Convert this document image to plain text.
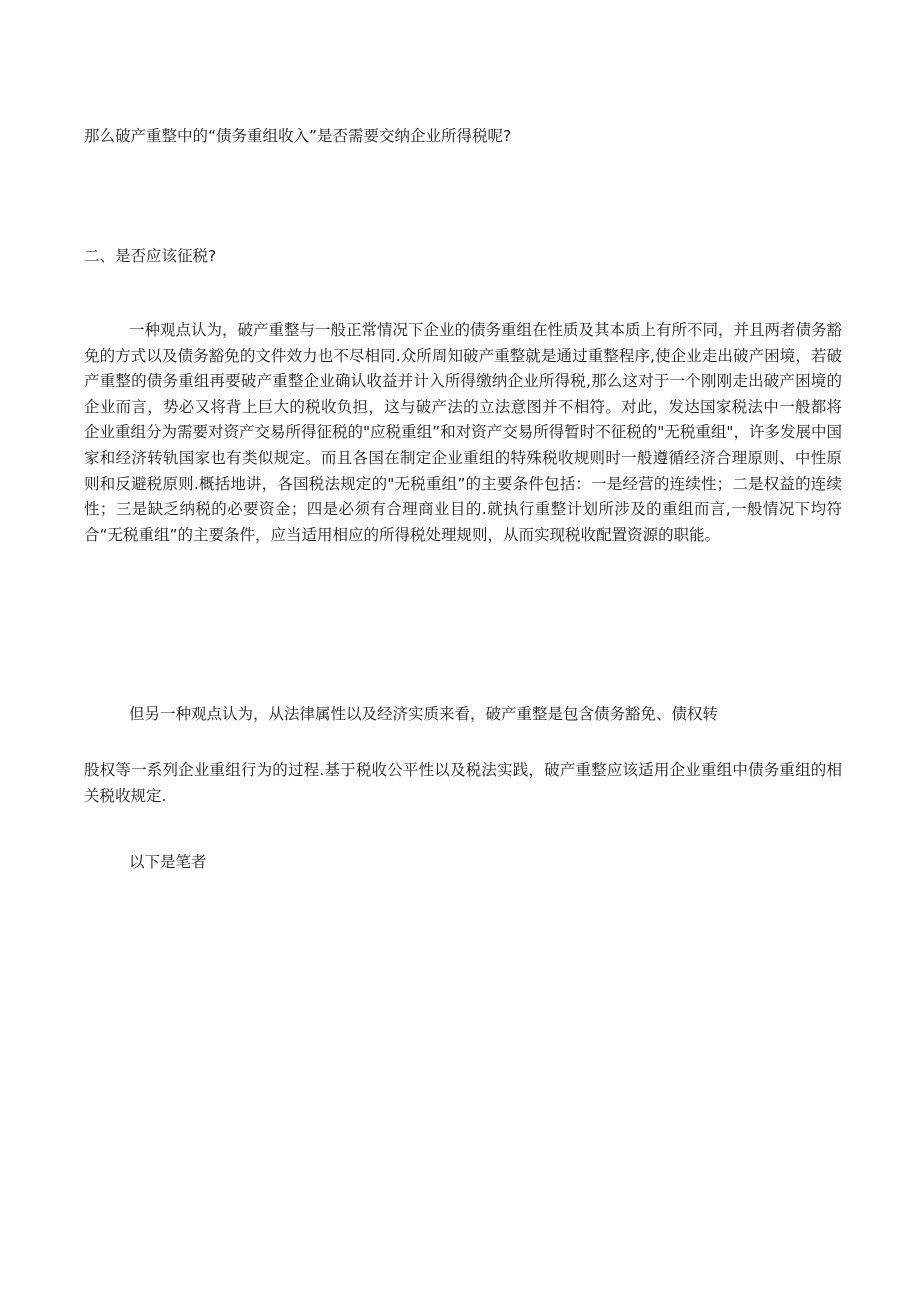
那么破产重整中的“债务重组收入”是否需要交纳企业所得税呢?

二、是否应该征税?

一种观点认为，破产重整与一般正常情况下企业的债务重组在性质及其本质上有所不同，并且两者债务豁免的方式以及债务豁免的文件效力也不尽相同.众所周知破产重整就是通过重整程序,使企业走出破产困境，若破产重整的债务重组再要破产重整企业确认收益并计入所得缴纳企业所得税,那么这对于一个刚刚走出破产困境的企业而言，势必又将背上巨大的税收负担，这与破产法的立法意图并不相符。对此，发达国家税法中一般都将企业重组分为需要对资产交易所得征税的"应税重组”和对资产交易所得暂时不征税的"无税重组"，许多发展中国家和经济转轨国家也有类似规定。而且各国在制定企业重组的特殊税收规则时一般遵循经济合理原则、中性原则和反避税原则.概括地讲，各国税法规定的"无税重组”的主要条件包括：一是经营的连续性；二是权益的连续性；三是缺乏纳税的必要资金；四是必须有合理商业目的.就执行重整计划所涉及的重组而言,一般情况下均符合“无税重组”的主要条件，应当适用相应的所得税处理规则，从而实现税收配置资源的职能。

但另一种观点认为，从法律属性以及经济实质来看，破产重整是包含债务豁免、债权转

股权等一系列企业重组行为的过程.基于税收公平性以及税法实践，破产重整应该适用企业重组中债务重组的相关税收规定.

以下是笔者
